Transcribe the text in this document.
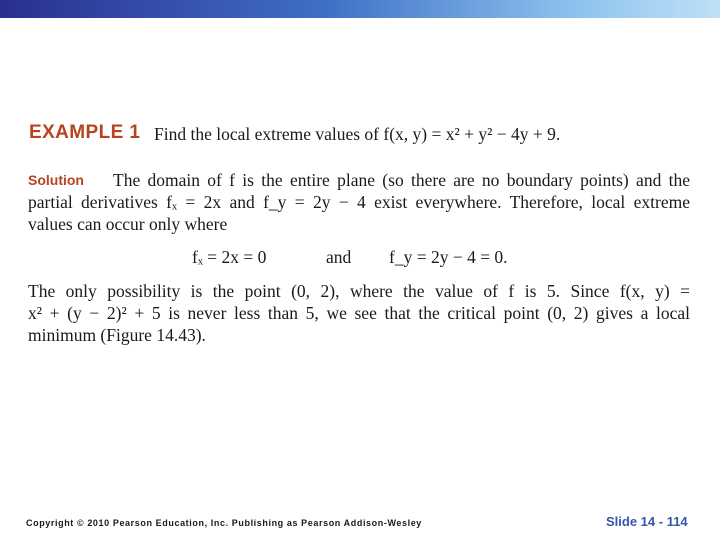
EXAMPLE 1 Find the local extreme values of f(x, y) = x² + y² − 4y + 9.
Solution The domain of f is the entire plane (so there are no boundary points) and the
partial derivatives fₓ = 2x and f_y = 2y − 4 exist everywhere. Therefore, local extreme
values can occur only where
fₓ = 2x = 0	and f_y = 2y − 4 = 0.
The only possibility is the point (0, 2), where the value of f is 5. Since f(x, y) =
x² + (y − 2)² + 5 is never less than 5, we see that the critical point (0, 2) gives a local
minimum (Figure 14.43).
Copyright © 2010 Pearson Education, Inc. Publishing as Pearson Addison-Wesley	Slide 14 - 114
